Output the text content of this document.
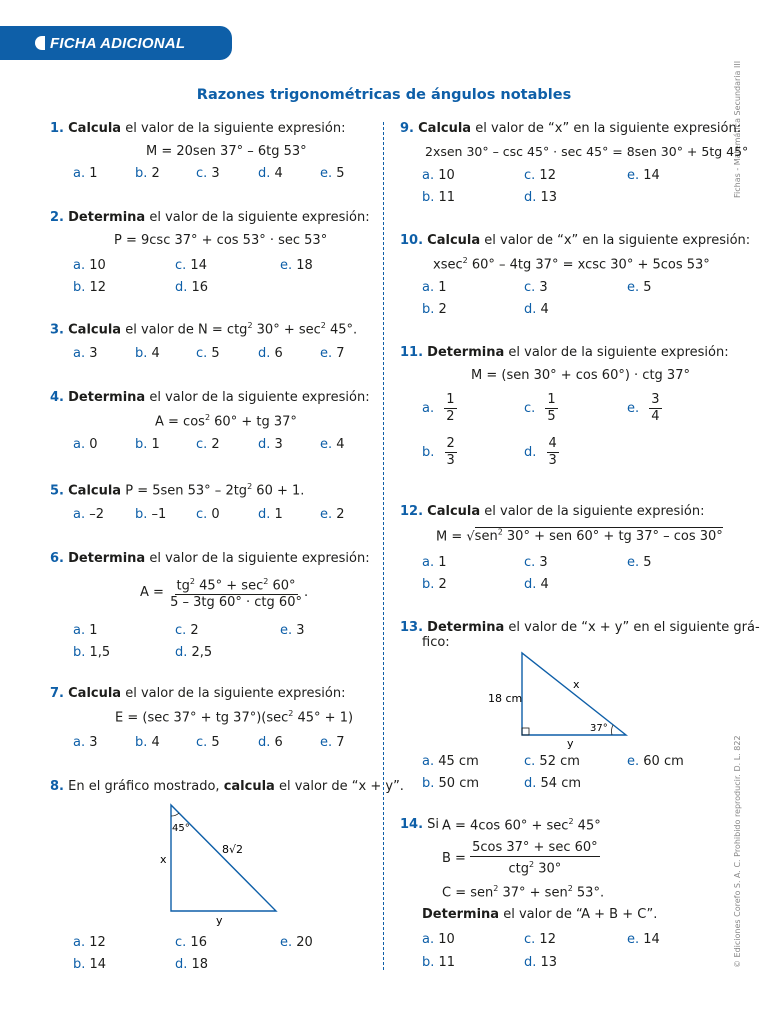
FICHA ADICIONAL
Razones trigonométricas de ángulos notables	Fichas - Matemática Secundaria III
© Ediciones Corefo S. A. C. Prohibido reproducir. D. L. 822
1. Calcula el valor de la siguiente expresión:
M = 20sen 37° – 6tg 53°
a. 1	b. 2	c. 3	d. 4	e. 5
2. Determina el valor de la siguiente expresión:
P = 9csc 37° + cos 53° · sec 53°
a. 10	c. 14	e. 18
b. 12	d. 16
3. Calcula el valor de N = ctg$^2$ $30^\circ + \sec^2 45^\circ$.
a. 3	b. 4	c. 5	d. 6	e. 7
4. Determina el valor de la siguiente expresión:
$A = \cos^2 60^\circ$ + tg 37°
a. 0	b. 1	c. 2	d. 3	e. 4
5. Calcula P = 5sen $53^\circ - 2tg^2$ 60 + 1.
a. –2 b. –1 c. 0	d. 1	e. 2
6. Determina el valor de la siguiente expresión:
$A = \frac{tg^2 45^\circ + \sec^2 60^\circ}{\text{5 – 3tg 60° · ctg 60°}}$ .
a. 1	c. 2	e. 3
b. 1,5	d. 2,5
7. Calcula el valor de la siguiente expresión:
E = (sec 37° + tg $37^\circ)(\sec^2$ 45° + 1)
a. 3	b. 4	c. 5	d. 6	e. 7
8. En el gráfico mostrado, calcula el valor de “x + y”.
45°
8√2
x
y
a. 12	c. 16	e. 20
b. 14	d. 18
9. Calcula el valor de “x” en la siguiente expresión:
2xsen 30° – csc 45° · sec 45° = 8sen 30° + 5tg 45°
a. 10	c. 12	e. 14
b. 11	d. 13
10. Calcula el valor de “x” en la siguiente expresión:
xsec$^2$ 60° – 4tg 37° = xcsc 30° + 5cos 53°
a. 1	c. 3	e. 5
b. 2	d. 4
11. Determina el valor de la siguiente expresión:
M = (sen 30° + cos 60°) · ctg 37°
a. $\frac{1}{2}$	c. $\frac{1}{5}$	e. $\frac{3}{4}$
b. $\frac{2}{3}$	d. $\frac{4}{3}$
12. Calcula el valor de la siguiente expresión:
M = √sen$^2$ 30° + sen 60° + tg 37° – cos 30°
a. 1	c. 3	e. 5
b. 2	d. 4
13. Determina el valor de “x + y” en el siguiente grá-
fico:
18 cm
x
y
37°
a. 45 cm	c. 52 cm	e. 60 cm
b. 50 cm	d. 54 cm
14. Si A = 4cos $60^\circ + \sec^2 45^\circ$
$B = \frac{5\cos 37^\circ + \sec 60^\circ}{ctg^2 30^\circ}$
C = sen$^2$ 37° + sen$^2$ 53°.
Determina el valor de “A + B + C”.
a. 10	c. 12	e. 14
b. 11	d. 13
